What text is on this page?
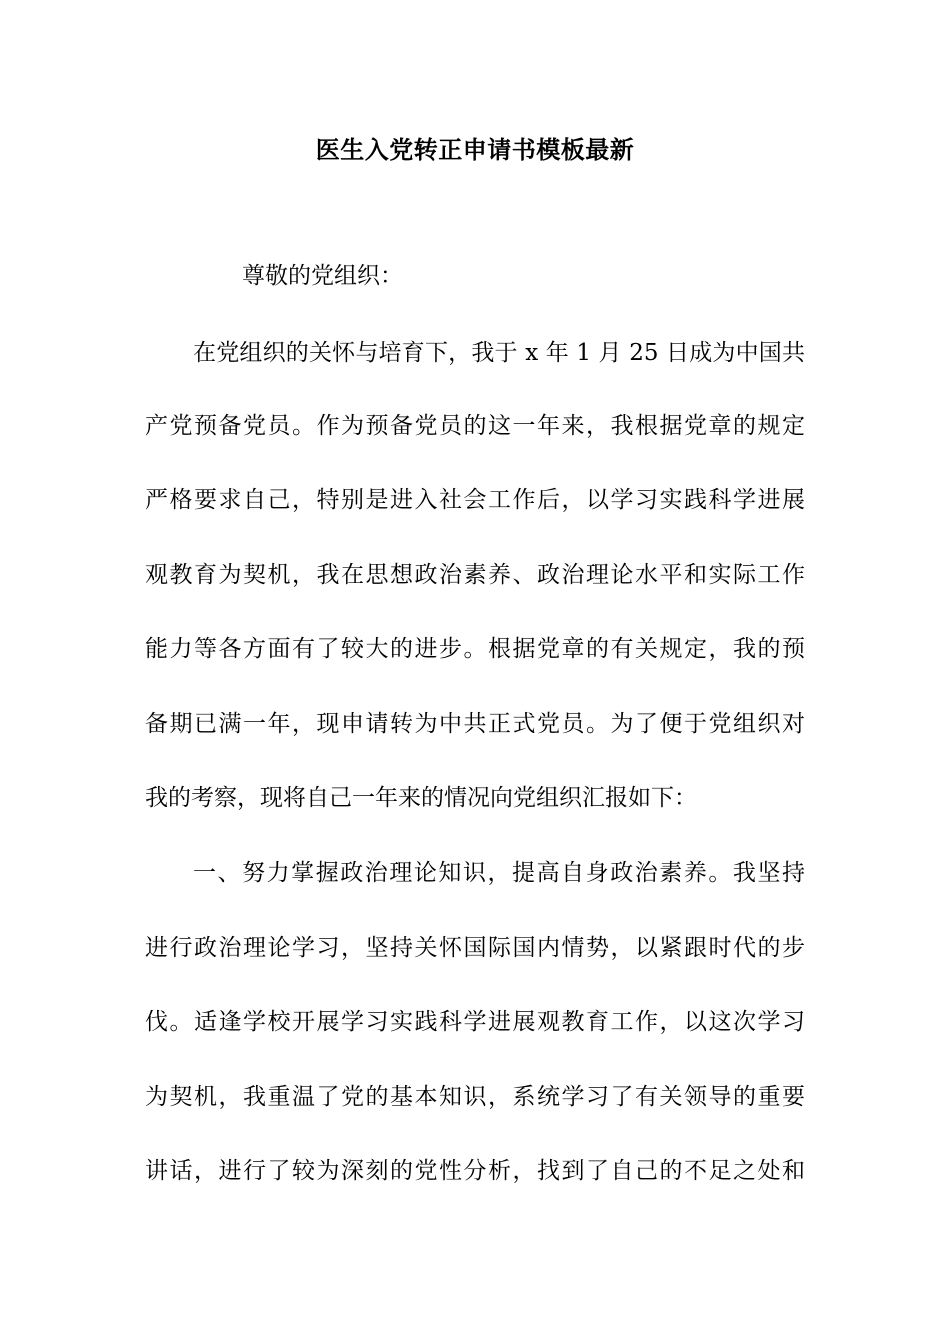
医生入党转正申请书模板最新

尊敬的党组织：

在党组织的关怀与培育下，我于 x 年 1 月 25 日成为中国共

产党预备党员。作为预备党员的这一年来，我根据党章的规定

严格要求自己，特别是进入社会工作后，以学习实践科学进展

观教育为契机，我在思想政治素养、政治理论水平和实际工作

能力等各方面有了较大的进步。根据党章的有关规定，我的预

备期已满一年，现申请转为中共正式党员。为了便于党组织对

我的考察，现将自己一年来的情况向党组织汇报如下：

一、努力掌握政治理论知识，提高自身政治素养。我坚持

进行政治理论学习，坚持关怀国际国内情势，以紧跟时代的步

伐。适逢学校开展学习实践科学进展观教育工作，以这次学习

为契机，我重温了党的基本知识，系统学习了有关领导的重要

讲话，进行了较为深刻的党性分析，找到了自己的不足之处和
